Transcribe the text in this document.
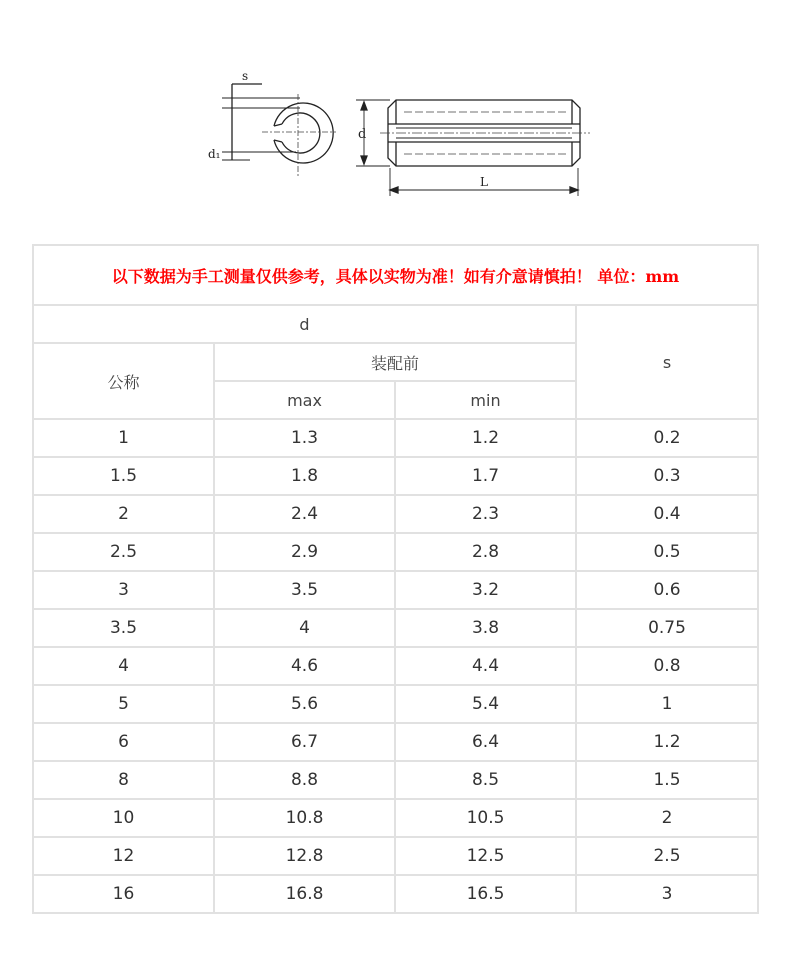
s
d₁
d
L
以下数据为手工测量仅供参考，具体以实物为准！如有介意请慎拍！ 单位：mm			
d			s
公称	装配前		
	max	min	
1	1.3	1.2	0.2
1.5	1.8	1.7	0.3
2	2.4	2.3	0.4
2.5	2.9	2.8	0.5
3	3.5	3.2	0.6
3.5	4	3.8	0.75
4	4.6	4.4	0.8
5	5.6	5.4	1
6	6.7	6.4	1.2
8	8.8	8.5	1.5
10	10.8	10.5	2
12	12.8	12.5	2.5
16	16.8	16.5	3
